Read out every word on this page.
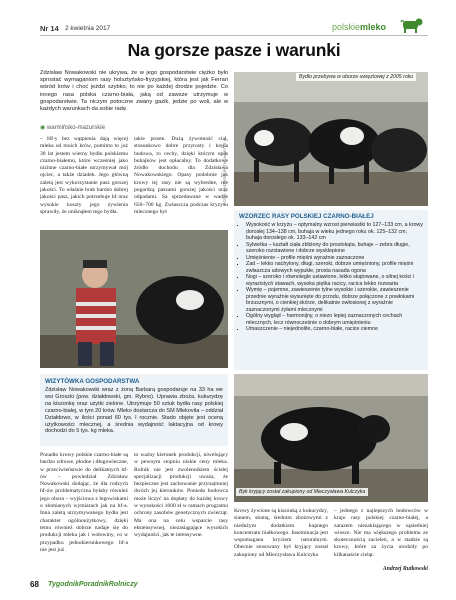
Nr 14 2 kwietnia 2017	polskiemleko
Na gorsze pasze i warunki
Zdzisław Nowakowski nie ukrywa, że w jego gospodarstwie ciężko było sprostać wymaganiom rasy holsztyńsko-fryzyjskiej, która jest jak Ferrari wśród krów i choć jeździ szybko, to nie po każdej drodze pojedzie. Co innego rasa polska czarno-biała, jaką od zawsze utrzymuje w gospodarstwie. Ta niczym potoczne zwany gazik, jedzie po woli, ale w każdych warunkach da sobie radę.
◉ warmińsko-mazurskie
– Hf-y bez wątpienia dają więcej mleka od moich krów, pomimo to już 30 lat jestem wierny bydłu polskiemu czarno-białemu, które wcześniej jako nizinne czarno-białe utrzymywał mój ojciec, a także dziadek. Jego główną zaletą jest wykorzystanie pasz gorszej jakości. To właśnie brak bardzo dobrej jakości pasz, jakich potrzebuje hf oraz wysokie koszty jego żywienia sprawiły, że uniknąłem tego bydła.
takie proste. Dużą żywotność ciał, stosunkowo dobre przyrosty i krępa budowa, to cechy, dzięki którym opas buhajków jest opłacalny. To dodatkowe źródło dochodu dla Zdzisława Nowakowskiego. Opasy podobnie jak krowy tej rasy nie są wybredne, nie pogardzą paszami gorszej jakości oraz odpadami. Sa sprzedawane w wadze 650–700 kg. Zwłaszcza podczas kryzysu mlecznego był
Bydło przebywa w oborze uwięziowej z 2005 roku
FOTO: ANDRZEJ RUTKOWSKI ( 3 )
WZORZEC RASY POLSKIEJ CZARNO-BIAŁEJ
▪ Wysokość w krzyżu – optymalny wzrost pierwiastki to 127–133 cm, a krowy dorosłej 134–138 cm, buhaja w wieku jednego roku ok. 125–132 cm, buhaja dorosłego ok. 133–142 cm
▪ Sylwetka – kształt ciała zbliżony do prostokąta, buhaje – zebra długie, szeroko rozstawione i dobrze wysklepione
▪ Umięśnienie – profile mięśni wyraźnie zaznaczone
▪ Zad – lekko nachylony, długi, szeroki, dobrze umięśniony, profile mięśni zwłaszcza udowych wypukłe, prosta nasada ogona
▪ Nogi – szeroko i równolegle ustawione, lekko skątowane, o silnej kości i wyrazistych stawach, wysoka piętka racicy, racica lekko rozwarta
▪ Wymię – pojemne, zawieszenie tylne wysokie i szerokie, zawieszenie przednie wyraźnie wysunięte do przodu, dobrze połączone z powłokami brzusznymi, o cienkiej skórze, delikatnie owłosionej z wyraźnie zaznaczonymi żyłami mlecznymi
▪ Ogólny wygląd – harmonijny, o niezo lepiej zaznaczonych cechach mlecznych, lecz równocześnie o dobrym umięśnieniu
▪ Umaszczenie – niejednolite, czarno-białe, racice ciemne
WIZYTÓWKA GOSPODARSTWA
Zdzisław Nowakowski wraz z żoną Barbarą gospodaruje na 33 ha we wsi Groszki (pow. działdowski, gm. Rybno). Uprawia zboża, kukurydzę na kiszonkę oraz użytki zielone. Utrzymuje 50 sztuk bydła rasy polskiej czarno-białej, w tym 20 krów. Mleko dostarcza do SM Mlekovita – oddział Działdowo, w ilości ponad 60 tys. l rocznie. Stado objęte jest oceną użytkowości mlecznej, a średnia wydajność laktacyjna od krowy dochodzi do 5 tys. kg mleka.
Byk kryjący został zakupiony od Mieczysława Kulczyka
Ponadto krowy polskie czarno-białe są bardzo zdrowe, płodne i długowieczne, w przeciwieństwie do delikatnych hf-ów – powiedział Zdzisław Nowakowski dodając, że dla rodzych hf-ów problematyczna byłaby również jego obora – wyjściowa z legowiskami o słomianych wymiarach jak na hf-a. Inna zaletą utrzymywanego bydła jest charakter ogólnoużytkowy, dzięki temu również dobrze nadaje się do produkcji mleka jak i wołowiny, co w przypadku jednokierunkowego hf-a nie jest już
to ważny kierunek produkcji, niwelujący w pewnym stopniu niskie ceny mleka. Rolnik nie jest zwolennikiem ścisłej specjalizacji produkcji uważa, że bezpieczne jest zachowanie przynajmniej dwóch jej kierunków. Poniedo hodowca może liczyć na dopłaty do każdej krowy w wysokości 1600 zł w ramach programu ochrony zasobów genetycznych zwierząt. Ma ona na celu wsparcie rasy ekstensywnej, niezasiągające wysokich wydajności, jak te intensywne.
Krowy żywione są kiszonką z kukurydzy, sianem, słomą, średnim zbożowymi z niedużym dodatkiem kupnego koncentratu białkowego. Inseminacja jest wspomagana kryciem naturalnym. Obecnie stosowany był kryjący został zakupiony od Mieczysława Kulczyka
– jednego z najlepszych hodowców w kraju rasy polskiej czarno-białej, a zarazem niezaklającego w sąsiedniej wiosce. Nie ma większego problemu ze skutecznością zacieleń, a w stadzie są krowy, które za życia urodziły po kilkanaście cieląt.
Andrzej Rutkowski
68 TygodnikPoradnikRolniczy
